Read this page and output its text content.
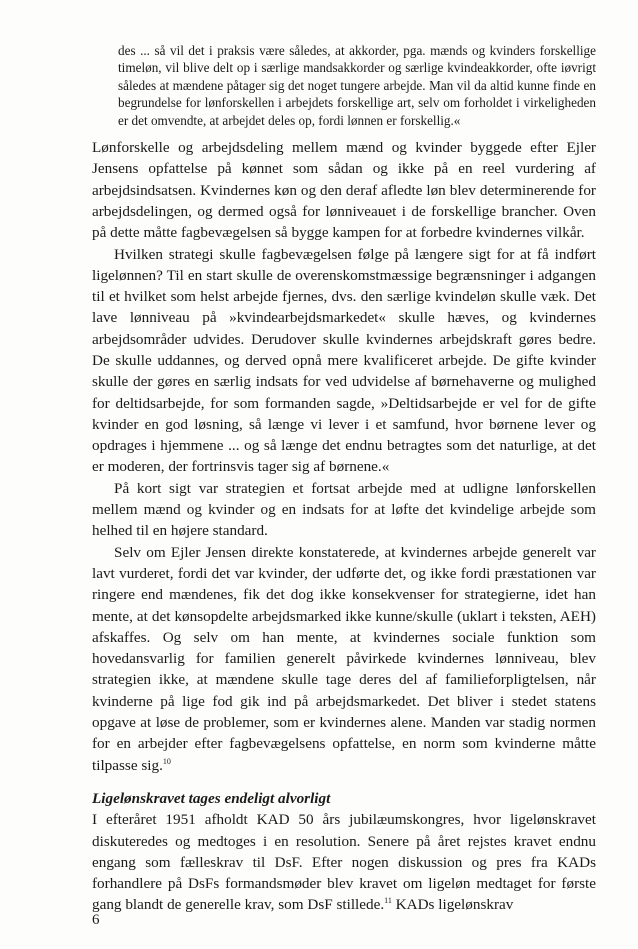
des ... så vil det i praksis være således, at akkorder, pga. mænds og kvinders forskellige timeløn, vil blive delt op i særlige mandsakkorder og særlige kvindeakkorder, ofte iøvrigt således at mændene påtager sig det noget tungere arbejde. Man vil da altid kunne finde en begrundelse for lønforskellen i arbejdets forskellige art, selv om forholdet i virkeligheden er det omvendte, at arbejdet deles op, fordi lønnen er forskellig.«

Lønforskelle og arbejdsdeling mellem mænd og kvinder byggede efter Ejler Jensens opfattelse på kønnet som sådan og ikke på en reel vurdering af arbejdsindsatsen. Kvindernes køn og den deraf afledte løn blev determinerende for arbejdsdelingen, og dermed også for lønniveauet i de forskellige brancher. Oven på dette måtte fagbevægelsen så bygge kampen for at forbedre kvindernes vilkår.

Hvilken strategi skulle fagbevægelsen følge på længere sigt for at få indført ligelønnen? Til en start skulle de overenskomstmæssige begrænsninger i adgangen til et hvilket som helst arbejde fjernes, dvs. den særlige kvindeløn skulle væk. Det lave lønniveau på »kvindearbejdsmarkedet« skulle hæves, og kvindernes arbejdsområder udvides. Derudover skulle kvindernes arbejdskraft gøres bedre. De skulle uddannes, og derved opnå mere kvalificeret arbejde. De gifte kvinder skulle der gøres en særlig indsats for ved udvidelse af børnehaverne og mulighed for deltidsarbejde, for som formanden sagde, »Deltidsarbejde er vel for de gifte kvinder en god løsning, så længe vi lever i et samfund, hvor børnene lever og opdrages i hjemmene ... og så længe det endnu betragtes som det naturlige, at det er moderen, der fortrinsvis tager sig af børnene.«

På kort sigt var strategien et fortsat arbejde med at udligne lønforskellen mellem mænd og kvinder og en indsats for at løfte det kvindelige arbejde som helhed til en højere standard.

Selv om Ejler Jensen direkte konstaterede, at kvindernes arbejde generelt var lavt vurderet, fordi det var kvinder, der udførte det, og ikke fordi præstationen var ringere end mændenes, fik det dog ikke konsekvenser for strategierne, idet han mente, at det kønsopdelte arbejdsmarked ikke kunne/skulle (uklart i teksten, AEH) afskaffes. Og selv om han mente, at kvindernes sociale funktion som hovedansvarlig for familien generelt påvirkede kvindernes lønniveau, blev strategien ikke, at mændene skulle tage deres del af familieforpligtelsen, når kvinderne på lige fod gik ind på arbejdsmarkedet. Det bliver i stedet statens opgave at løse de problemer, som er kvindernes alene. Manden var stadig normen for en arbejder efter fagbevægelsens opfattelse, en norm som kvinderne måtte tilpasse sig.$^{10}$

Ligelønskravet tages endeligt alvorligt

I efteråret 1951 afholdt KAD 50 års jubilæumskongres, hvor ligelønskravet diskuteredes og medtoges i en resolution. Senere på året rejstes kravet endnu engang som fælleskrav til DsF. Efter nogen diskussion og pres fra KADs forhandlere på DsFs formandsmøder blev kravet om ligeløn medtaget for første gang blandt de generelle krav, som DsF stillede.$^{11}$ KADs ligelønskrav

6
